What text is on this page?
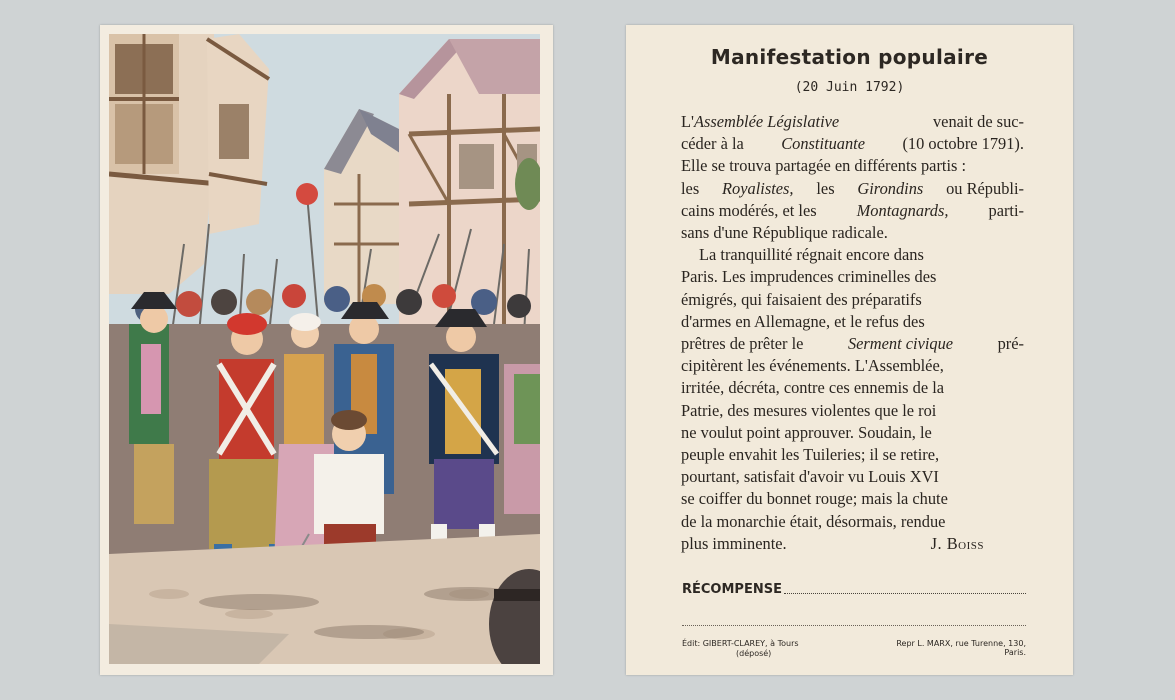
Manifestation populaire
(20 Juin 1792)
L'Assemblée Législative	venait de suc-
céder à la Constituante (10 octobre 1791).
Elle se trouva partagée en différents partis :
les Royalistes, les Girondins ou Républi-
cains modérés, et les Montagnards, parti-
sans d'une République radicale.
La tranquillité régnait encore dans
Paris. Les imprudences criminelles des
émigrés, qui faisaient des préparatifs
d'armes en Allemagne, et le refus des
prêtres de prêter le Serment civique pré-
cipitèrent les événements. L'Assemblée,
irritée, décréta, contre ces ennemis de la
Patrie, des mesures violentes que le roi
ne voulut point approuver. Soudain, le
peuple envahit les Tuileries; il se retire,
pourtant, satisfait d'avoir vu Louis XVI
se coiffer du bonnet rouge; mais la chute
de la monarchie était, désormais, rendue
plus imminente.	J. Boiss
RÉCOMPENSE
Édit: GIBERT-CLAREY, à Tours
(déposé)
Repr L. MARX, rue Turenne, 130, Paris.
